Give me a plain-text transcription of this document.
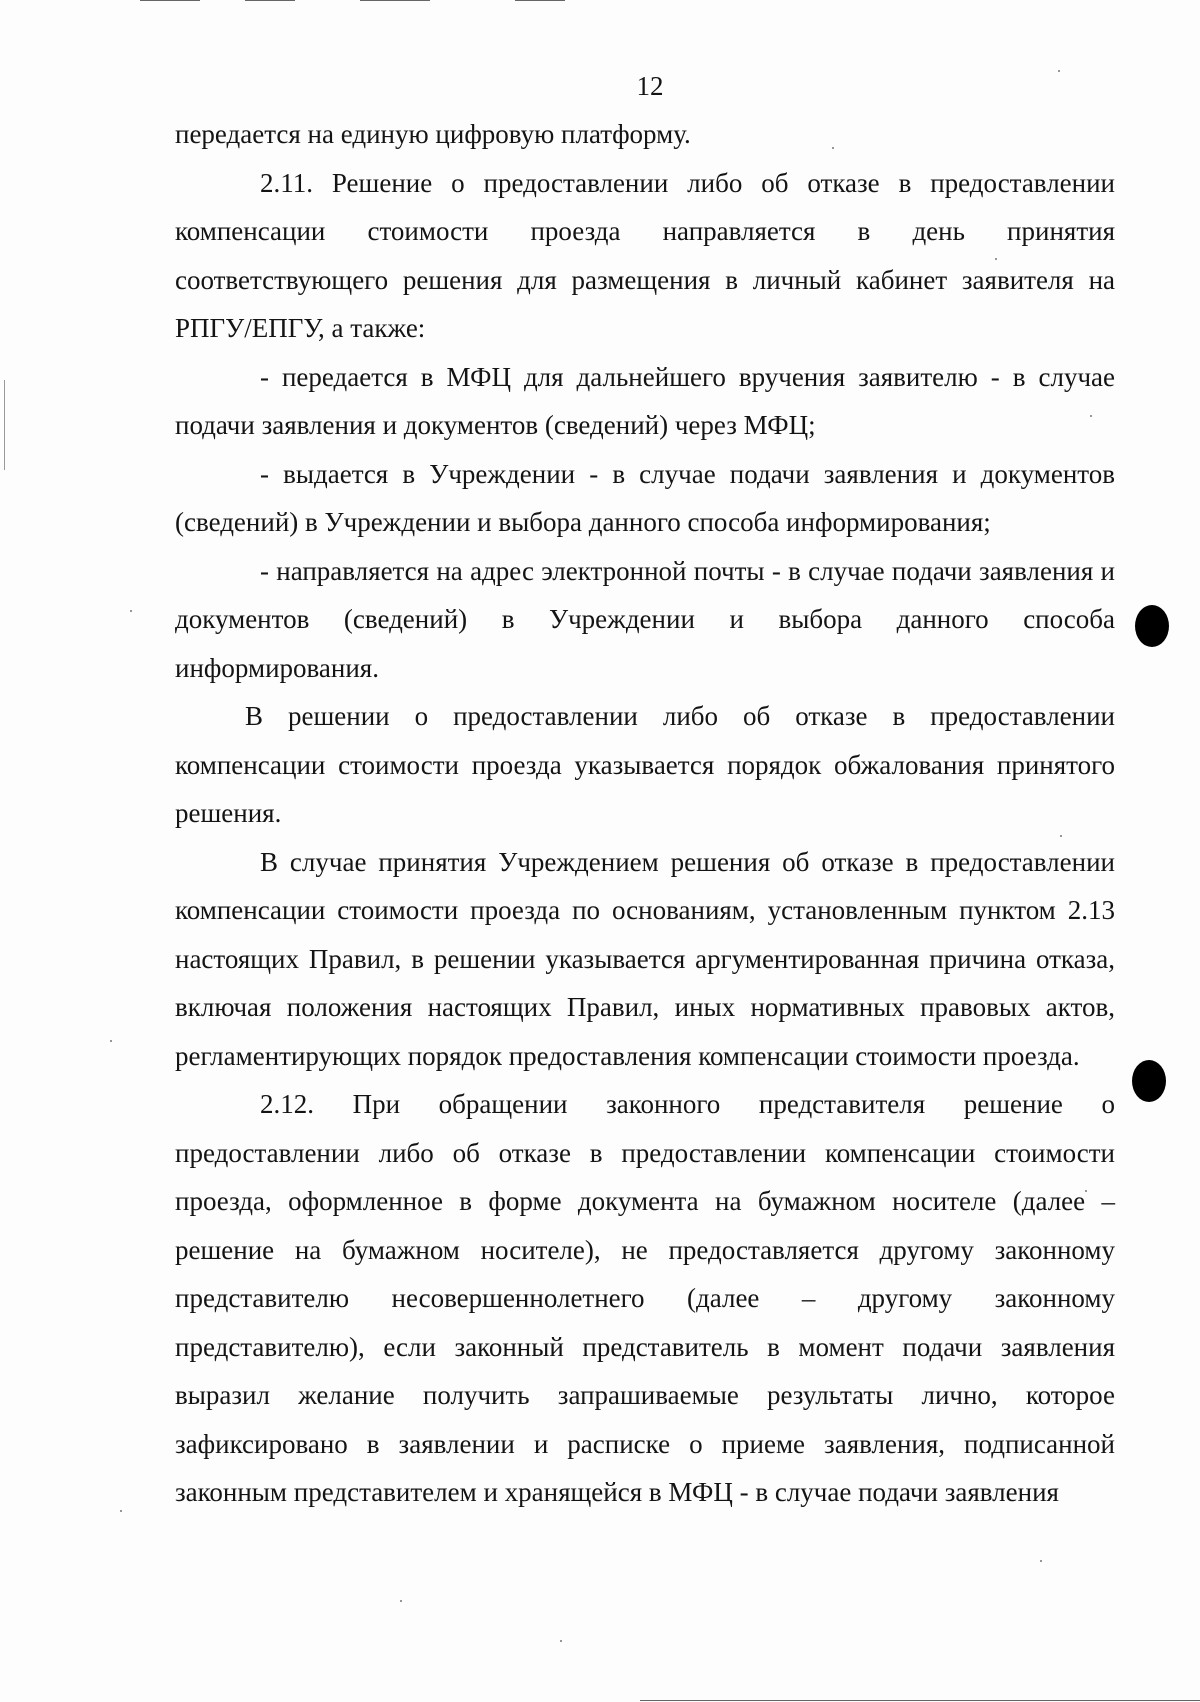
12

передается на единую цифровую платформу.

2.11. Решение о предоставлении либо об отказе в предоставлении компенсации стоимости проезда направляется в день принятия соответствующего решения для размещения в личный кабинет заявителя на РПГУ/ЕПГУ, а также:

- передается в МФЦ для дальнейшего вручения заявителю - в случае подачи заявления и документов (сведений) через МФЦ;

- выдается в Учреждении - в случае подачи заявления и документов (сведений) в Учреждении и выбора данного способа информирования;

- направляется на адрес электронной почты - в случае подачи заявления и документов (сведений) в Учреждении и выбора данного способа информирования.

В решении о предоставлении либо об отказе в предоставлении компенсации стоимости проезда указывается порядок обжалования принятого решения.

В случае принятия Учреждением решения об отказе в предоставлении компенсации стоимости проезда по основаниям, установленным пунктом 2.13 настоящих Правил, в решении указывается аргументированная причина отказа, включая положения настоящих Правил, иных нормативных правовых актов, регламентирующих порядок предоставления компенсации стоимости проезда.

2.12. При обращении законного представителя решение о предоставлении либо об отказе в предоставлении компенсации стоимости проезда, оформленное в форме документа на бумажном носителе (далее – решение на бумажном носителе), не предоставляется другому законному представителю несовершеннолетнего (далее – другому законному представителю), если законный представитель в момент подачи заявления выразил желание получить запрашиваемые результаты лично, которое зафиксировано в заявлении и расписке о приеме заявления, подписанной законным представителем и хранящейся в МФЦ - в случае подачи заявления
